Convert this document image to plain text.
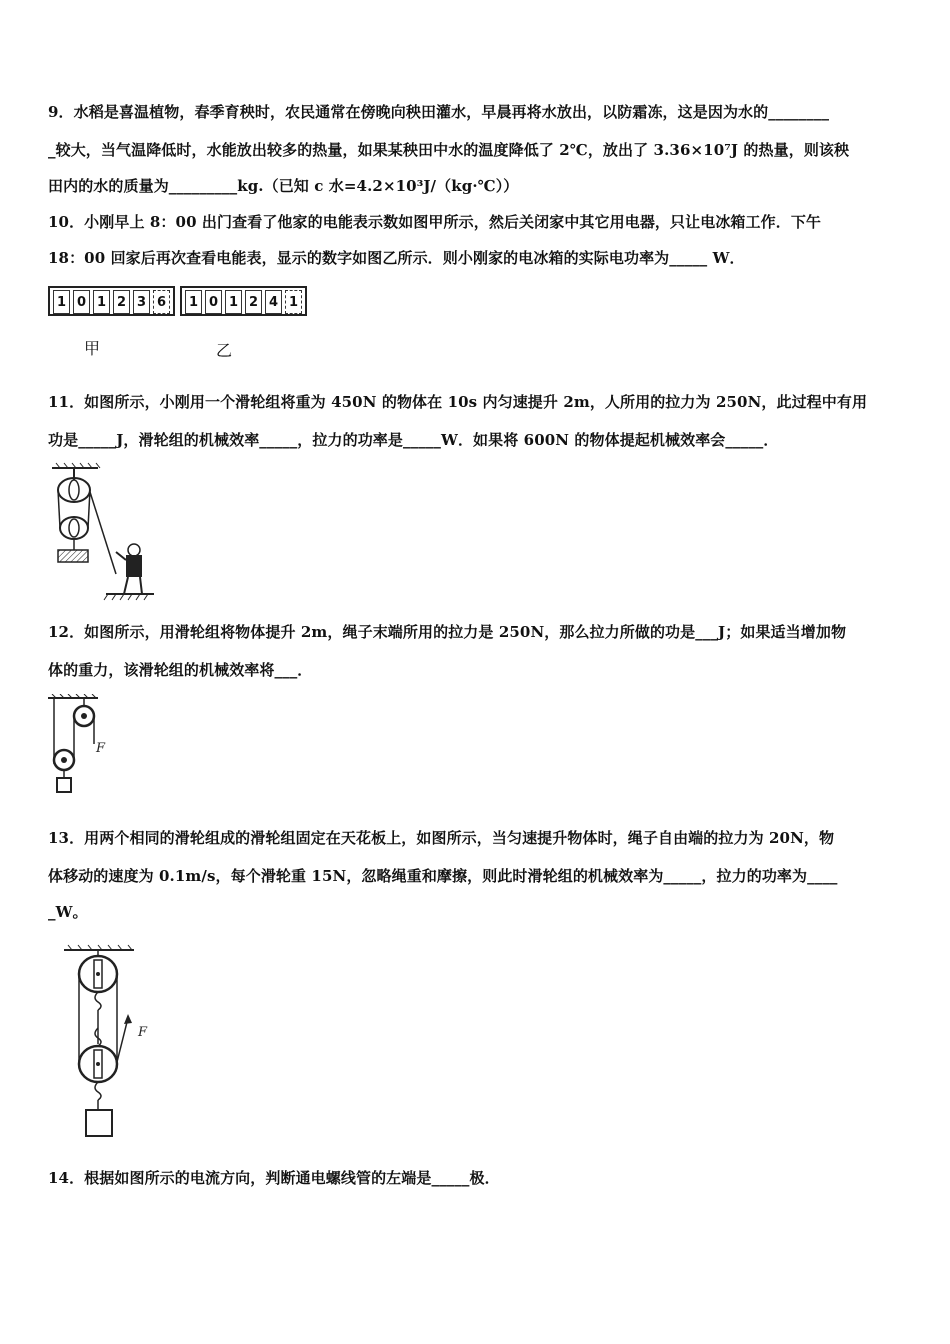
9．水稻是喜温植物，春季育秧时，农民通常在傍晚向秧田灌水，早晨再将水放出，以防霜冻，这是因为水的________
_较大，当气温降低时，水能放出较多的热量，如果某秧田中水的温度降低了 2℃，放出了 3.36×10⁷J 的热量，则该秧
田内的水的质量为_________kg.（已知 c 水=4.2×10³J/（kg·℃））
10．小刚早上 8：00 出门查看了他家的电能表示数如图甲所示，然后关闭家中其它用电器，只让电冰箱工作．下午
18：00 回家后再次查看电能表，显示的数字如图乙所示．则小刚家的电冰箱的实际电功率为_____ W．
1 0 1 2 3 6	1 0 1 2 4 1
甲	乙
11．如图所示，小刚用一个滑轮组将重为 450N 的物体在 10s 内匀速提升 2m，人所用的拉力为 250N，此过程中有用
功是_____J，滑轮组的机械效率_____，拉力的功率是_____W．如果将 600N 的物体提起机械效率会_____．
12．如图所示，用滑轮组将物体提升 2m，绳子末端所用的拉力是 250N，那么拉力所做的功是___J；如果适当增加物
体的重力，该滑轮组的机械效率将___．
F
13．用两个相同的滑轮组成的滑轮组固定在天花板上，如图所示，当匀速提升物体时，绳子自由端的拉力为 20N，物
体移动的速度为 0.1m/s，每个滑轮重 15N，忽略绳重和摩擦，则此时滑轮组的机械效率为_____，拉力的功率为____
_W。
F
14．根据如图所示的电流方向，判断通电螺线管的左端是_____极．
